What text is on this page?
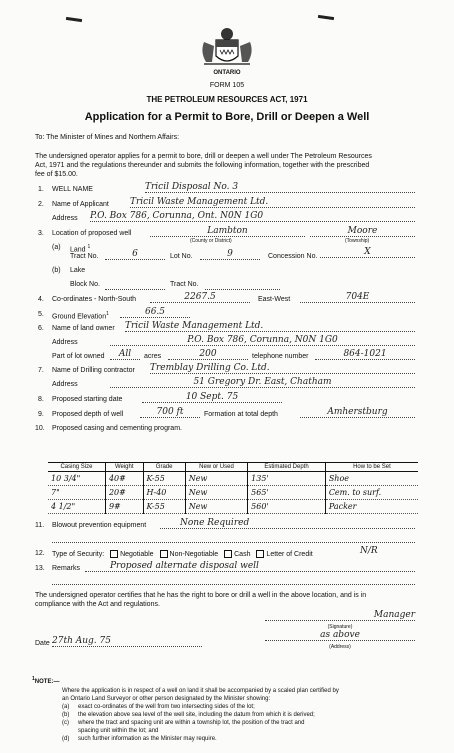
ONTARIO
FORM 105
THE PETROLEUM RESOURCES ACT, 1971
Application for a Permit to Bore, Drill or Deepen a Well
To: The Minister of Mines and Northern Affairs:
The undersigned operator applies for a permit to bore, drill or deepen a well under The Petroleum Resources
Act, 1971 and the regulations thereunder and submits the following information, together with the prescribed
fee of $15.00.
1. WELL NAME	Tricil Disposal No. 3
2. Name of Applicant Tricil Waste Management Ltd.
Address P.O. Box 786, Corunna, Ont. N0N 1G0
3. Location of proposed well	Lambton	Moore
(County or District)	(Township)
(a) Land $^1$
Tract No.	6	Lot No.	9	Concession No.	X
(b) Lake
Block No.	Tract No.
4. Co-ordinates - North-South	2267.5	East-West	704E
5. Ground Elevation$^1$	66.5
6. Name of land owner Tricil Waste Management Ltd.
Address	P.O. Box 786, Corunna, N0N 1G0
Part of lot owned	All	acres	200	telephone number	864-1021
7. Name of Drilling contractor Tremblay Drilling Co. Ltd.
Address	51 Gregory Dr. East, Chatham
8. Proposed starting date	10 Sept. 75
9. Proposed depth of well	700 ft	Formation at total depth	Amherstburg
10. Proposed casing and cementing program.
Casing Size	Weight	Grade	New or Used	Estimated Depth	How to be Set
10 3/4"	40#	K-55	New	135'	Shoe
7"	20#	H-40	New	565'	Cem. to surf.
4 1/2"	9#	K-55	New	560'	Packer
11. Blowout prevention equipment	None Required
12. Type of Security: Negotiable Non-Negotiable Cash Letter of Credit	N/R
13. Remarks	Proposed alternate disposal well
The undersigned operator certifies that he has the right to bore or drill a well in the above location, and is in
compliance with the Act and regulations.
Manager
(Signature)
as above
(Address)
Date 27th Aug. 75
$^1$NOTE:—
Where the application is in respect of a well on land it shall be accompanied by a scaled plan certified by
an Ontario Land Surveyor or other person designated by the Minister showing:
(a) exact co-ordinates of the well from two intersecting sides of the lot;
(b) the elevation above sea level of the well site, including the datum from which it is derived;
(c) where the tract and spacing unit are within a township lot, the position of the tract and
spacing unit within the lot; and
(d) such further information as the Minister may require.
